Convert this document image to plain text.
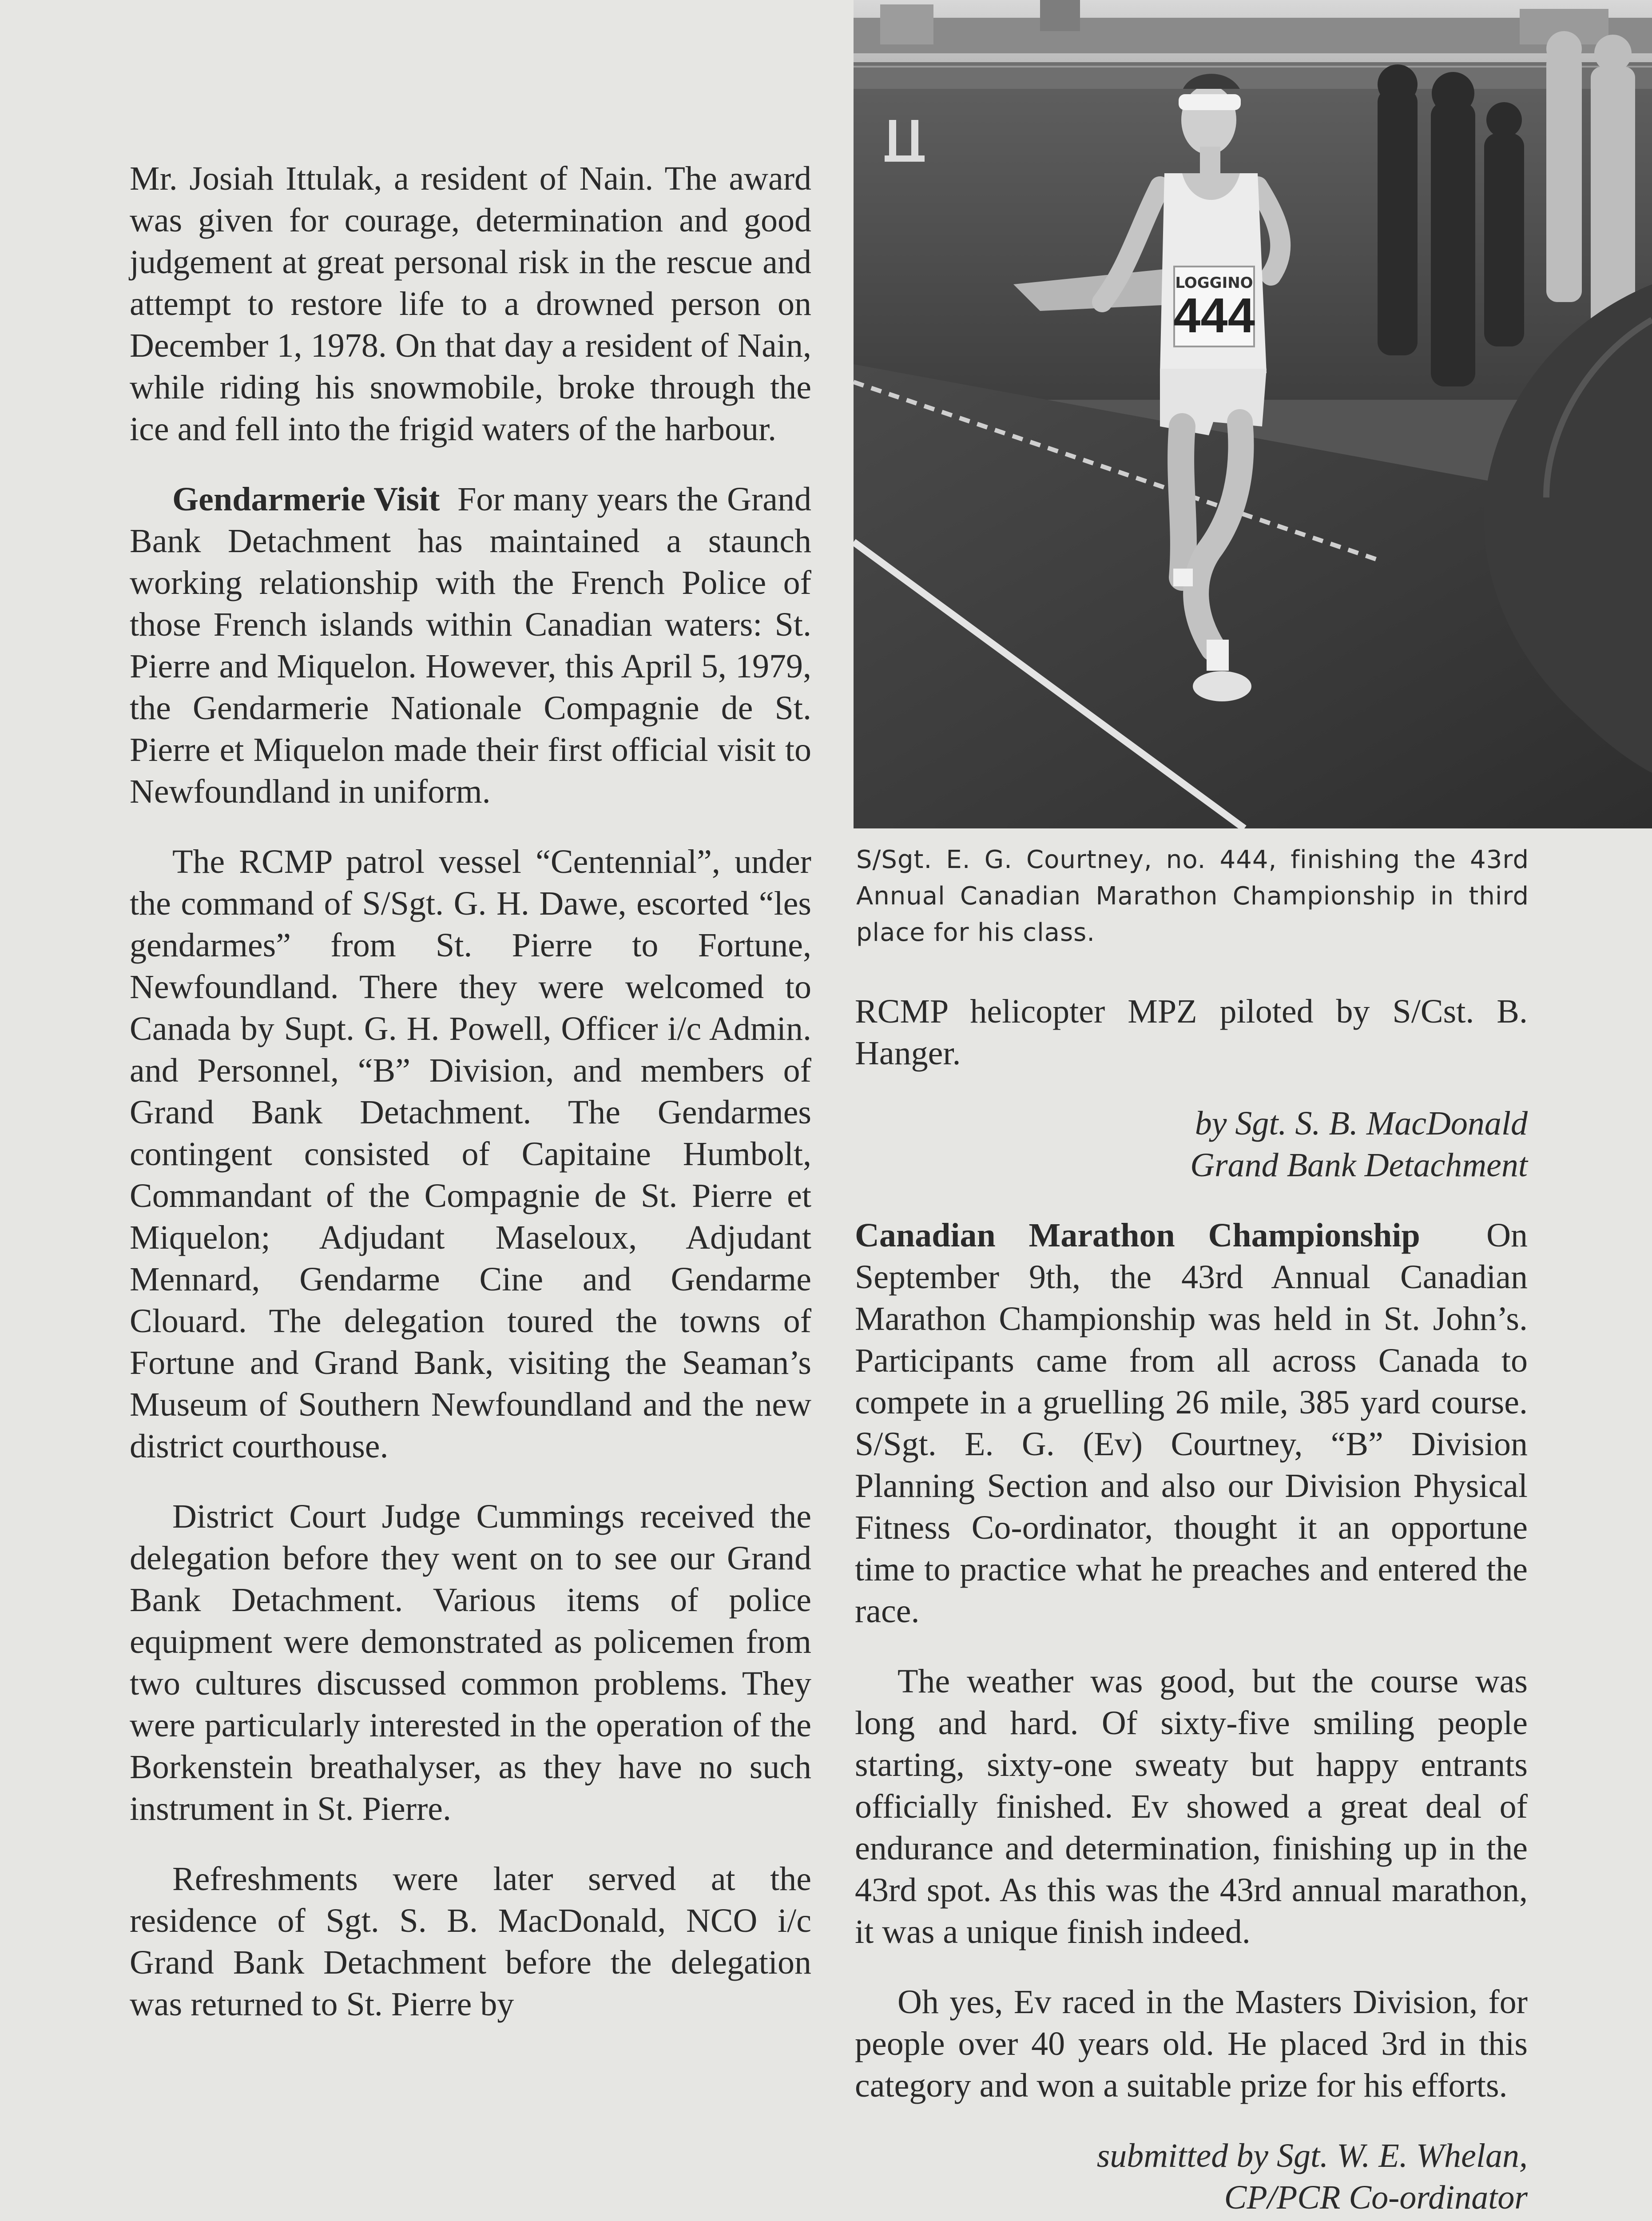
Mr. Josiah Ittulak, a resident of Nain. The award was given for courage, determination and good judgement at great personal risk in the rescue and attempt to restore life to a drowned person on December 1, 1978. On that day a resident of Nain, while riding his snowmobile, broke through the ice and fell into the frigid waters of the harbour.

Gendarmerie Visit For many years the Grand Bank Detachment has maintained a staunch working relationship with the French Police of those French islands within Canadian waters: St. Pierre and Miquelon. However, this April 5, 1979, the Gendarmerie Nationale Compagnie de St. Pierre et Miquelon made their first official visit to Newfoundland in uniform.

The RCMP patrol vessel “Centennial”, under the command of S/Sgt. G. H. Dawe, escorted “les gendarmes” from St. Pierre to Fortune, Newfoundland. There they were welcomed to Canada by Supt. G. H. Powell, Officer i/c Admin. and Personnel, “B” Division, and members of Grand Bank Detachment. The Gendarmes contingent consisted of Capitaine Humbolt, Commandant of the Compagnie de St. Pierre et Miquelon; Adjudant Maseloux, Adjudant Mennard, Gendarme Cine and Gendarme Clouard. The delegation toured the towns of Fortune and Grand Bank, visiting the Seaman’s Museum of Southern Newfoundland and the new district courthouse.

District Court Judge Cummings received the delegation before they went on to see our Grand Bank Detachment. Various items of police equipment were demonstrated as policemen from two cultures discussed common problems. They were particularly interested in the operation of the Borkenstein breathalyser, as they have no such instrument in St. Pierre.

Refreshments were later served at the residence of Sgt. S. B. MacDonald, NCO i/c Grand Bank Detachment before the delegation was returned to St. Pierre by

LOGGINO
444
S/Sgt. E. G. Courtney, no. 444, finishing the 43rd Annual Canadian Marathon Championship in third place for his class.

RCMP helicopter MPZ piloted by S/Cst. B. Hanger.

by Sgt. S. B. MacDonald
Grand Bank Detachment

Canadian Marathon Championship On September 9th, the 43rd Annual Canadian Marathon Championship was held in St. John’s. Participants came from all across Canada to compete in a gruelling 26 mile, 385 yard course. S/Sgt. E. G. (Ev) Courtney, “B” Division Planning Section and also our Division Physical Fitness Co-ordinator, thought it an opportune time to practice what he preaches and entered the race.

The weather was good, but the course was long and hard. Of sixty-five smiling people starting, sixty-one sweaty but happy entrants officially finished. Ev showed a great deal of endurance and determination, finishing up in the 43rd spot. As this was the 43rd annual marathon, it was a unique finish indeed.

Oh yes, Ev raced in the Masters Division, for people over 40 years old. He placed 3rd in this category and won a suitable prize for his efforts.

submitted by Sgt. W. E. Whelan,
CP/PCR Co-ordinator
